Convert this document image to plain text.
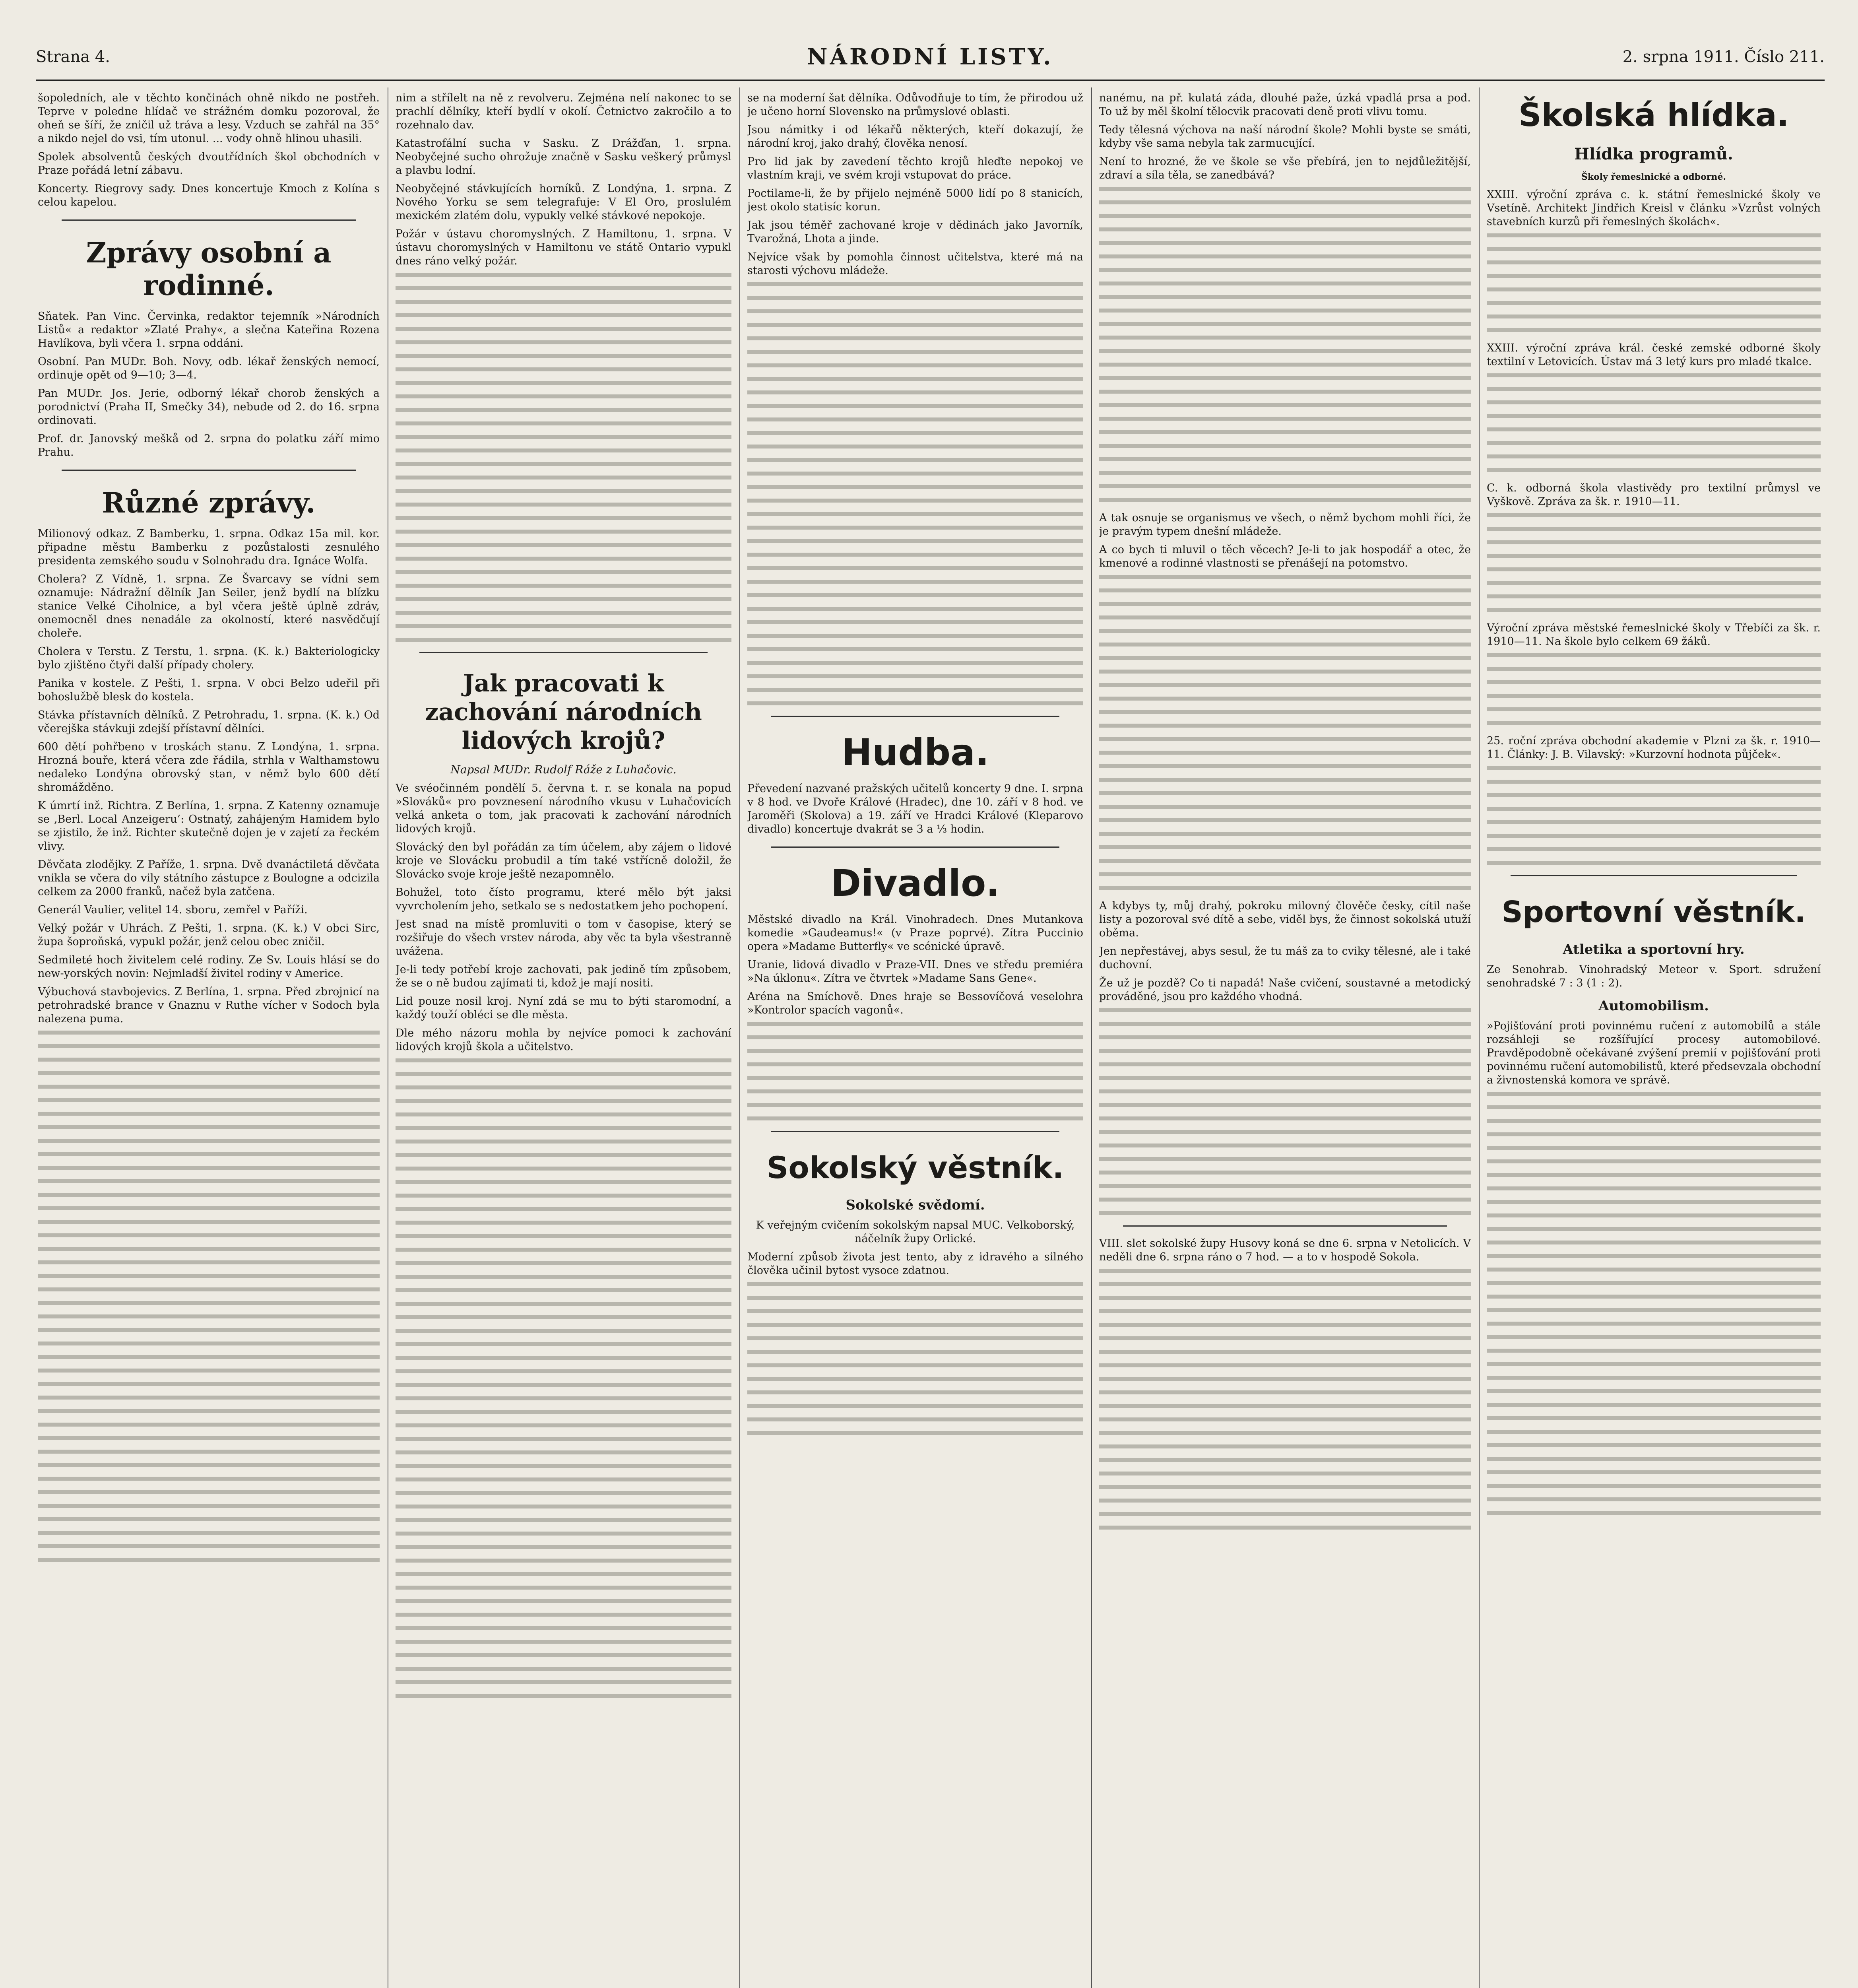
Strana 4.	NÁRODNÍ LISTY.	2. srpna 1911. Číslo 211.

šopoledních, ale v těchto končinách ohně nikdo ne postřeh. Teprve v poledne hlídač ve strážném domku pozoroval, že oheň se šíří, že zničil už tráva a lesy. Vzduch se zahřál na 35° a nikdo nejel do vsi, tím utonul. ... vody ohně hlinou uhasili.

Spolek absolventů českých dvoutřídních škol obchodních v Praze pořádá letní zábavu.

Koncerty. Riegrovy sady. Dnes koncertuje Kmoch z Kolína s celou kapelou.

Zprávy osobní a rodinné.

Sňatek. Pan Vinc. Červinka, redaktor tejemník »Národních Listů« a redaktor »Zlaté Prahy«, a slečna Kateřina Rozena Havlíkova, byli včera 1. srpna oddáni.

Osobní. Pan MUDr. Boh. Novy, odb. lékař ženských nemocí, ordinuje opět od 9—10; 3—4.

Pan MUDr. Jos. Jerie, odborný lékař chorob ženských a porodnictví (Praha II, Smečky 34), nebude od 2. do 16. srpna ordinovati.

Prof. dr. Janovský meškå od 2. srpna do polatku září mimo Prahu.

Různé zprávy.

Milionový odkaz. Z Bamberku, 1. srpna. Odkaz 15a mil. kor. připadne městu Bamberku z pozůstalosti zesnulého presidenta zemského soudu v Solnohradu dra. Ignáce Wolfa.

Cholera? Z Vídně, 1. srpna. Ze Švarcavy se vídni sem oznamuje: Nádražní dělník Jan Seiler, jenž bydlí na blízku stanice Velké Ciholnice, a byl včera ještě úplně zdráv, onemocněl dnes nenadále za okolností, které nasvědčují choleře.

Cholera v Terstu. Z Terstu, 1. srpna. (K. k.) Bakteriologicky bylo zjištěno čtyři další případy cholery.

Panika v kostele. Z Pešti, 1. srpna. V obci Belzo udeřil při bohoslužbě blesk do kostela.

Stávka přístavních dělníků. Z Petrohradu, 1. srpna. (K. k.) Od včerejška stávkuji zdejší přístavní dělníci.

600 dětí pohřbeno v troskách stanu. Z Londýna, 1. srpna. Hrozná bouře, která včera zde řádila, strhla v Walthamstowu nedaleko Londýna obrovský stan, v němž bylo 600 dětí shromážděno.

K úmrtí inž. Richtra. Z Berlína, 1. srpna. Z Katenny oznamuje se ‚Berl. Local Anzeigeru‘: Ostnatý, zahájeným Hamidem bylo se zjistilo, že inž. Richter skutečně dojen je v zajetí za řeckém vlivy.

Děvčata zlodějky. Z Paříže, 1. srpna. Dvě dvanáctiletá děvčata vnikla se včera do vily státního zástupce z Boulogne a odcizila celkem za 2000 franků, načež byla zatčena.

Generál Vaulier, velitel 14. sboru, zemřel v Paříži.

Velký požár v Uhrách. Z Pešti, 1. srpna. (K. k.) V obci Sirc, župa šoproňská, vypukl požár, jenž celou obec zničil.

Sedmileté hoch živitelem celé rodiny. Ze Sv. Louis hlásí se do new-yorských novin: Nejmladší živitel rodiny v Americe.

Výbuchová stavbojevics. Z Berlína, 1. srpna. Před zbrojnicí na petrohradské brance v Gnaznu v Ruthe vícher v Sodoch byla nalezena puma.

nim a střílelt na ně z revolveru. Zejména nelí nakonec to se prachlí dělníky, kteří bydlí v okolí. Četnictvo zakročilo a to rozehnalo dav.

Katastrofální sucha v Sasku. Z Drážďan, 1. srpna. Neobyčejné sucho ohrožuje značně v Sasku veškerý průmysl a plavbu lodní.

Neobyčejné stávkujících horníků. Z Londýna, 1. srpna. Z Nového Yorku se sem telegrafuje: V El Oro, proslulém mexickém zlatém dolu, vypukly velké stávkové nepokoje.

Požár v ústavu choromyslných. Z Hamiltonu, 1. srpna. V ústavu choromyslných v Hamiltonu ve státě Ontario vypukl dnes ráno velký požár.

Jak pracovati k zachování národních lidových krojů?
Napsal MUDr. Rudolf Ráže z Luhačovic.

Ve svéočinném pondělí 5. června t. r. se konala na popud »Slováků« pro povznesení národního vkusu v Luhačovicích velká anketa o tom, jak pracovati k zachování národních lidových krojů.

Slovácký den byl pořádán za tím účelem, aby zájem o lidové kroje ve Slovácku probudil a tím také vstřícně doložil, že Slovácko svoje kroje ještě nezapomnělo.

Bohužel, toto čísto programu, které mělo být jaksi vyvrcholením jeho, setkalo se s nedostatkem jeho pochopení.

Jest snad na místě promluviti o tom v časopise, který se rozšiřuje do všech vrstev národa, aby věc ta byla všestranně uvážena.

Je-li tedy potřebí kroje zachovati, pak jedině tím způsobem, že se o ně budou zajímati ti, kdož je mají nositi.

Lid pouze nosil kroj. Nyní zdá se mu to býti staromodní, a každý touží obléci se dle města.

Dle mého názoru mohla by nejvíce pomoci k zachování lidových krojů škola a učitelstvo.

se na moderní šat dělníka. Odůvodňuje to tím, že přirodou už je učeno horní Slovensko na průmyslové oblasti.

Jsou námitky i od lékařů některých, kteří dokazují, že národní kroj, jako drahý, člověka nenosí.

Pro lid jak by zavedení těchto krojů hleďte nepokoj ve vlastním kraji, ve svém kroji vstupovat do práce.

Poctilame-li, že by přijelo nejméně 5000 lidí po 8 stanicích, jest okolo statisíc korun.

Jak jsou téměř zachované kroje v dědinách jako Javorník, Tvarožná, Lhota a jinde.

Nejvíce však by pomohla činnost učitelstva, které má na starosti výchovu mládeže.

Hudba.

Převedení nazvané pražských učitelů koncerty 9 dne. I. srpna v 8 hod. ve Dvoře Králové (Hradec), dne 10. září v 8 hod. ve Jaroměři (Skolova) a 19. září ve Hradci Králové (Kleparovo divadlo) koncertuje dvakrát se 3 a ⅓ hodin.

Divadlo.

Městské divadlo na Král. Vinohradech. Dnes Mutankova komedie »Gaudeamus!« (v Praze poprvé). Zítra Puccinio opera »Madame Butterfly« ve scénické úpravě.

Uranie, lidová divadlo v Praze-VII. Dnes ve středu premiéra »Na úklonu«. Zítra ve čtvrtek »Madame Sans Gene«.

Aréna na Smíchově. Dnes hraje se Bessovíčová veselohra »Kontrolor spacích vagonů«.

Sokolský věstník.
Sokolské svědomí.

K veřejným cvičením sokolským napsal MUC. Velkoborský, náčelník župy Orlické.

Moderní způsob života jest tento, aby z idravého a silného člověka učinil bytost vysoce zdatnou.

nanému, na př. kulatá záda, dlouhé paže, úzká vpadlá prsa a pod. To už by měl školní tělocvik pracovati deně proti vlivu tomu.

Tedy tělesná výchova na naší národní škole? Mohli byste se smáti, kdyby vše sama nebyla tak zarmucující.

Není to hrozné, že ve škole se vše přebírá, jen to nejdůležitější, zdraví a síla těla, se zanedbává?

A tak osnuje se organismus ve všech, o němž bychom mohli říci, že je pravým typem dnešní mládeže.

A co bych ti mluvil o těch věcech? Je-li to jak hospodář a otec, že kmenové a rodinné vlastnosti se přenášejí na potomstvo.

A kdybys ty, můj drahý, pokroku milovný člověče česky, cítil naše listy a pozoroval své dítě a sebe, viděl bys, že činnost sokolská utuží oběma.

Jen nepřestávej, abys sesul, že tu máš za to cviky tělesné, ale i také duchovní.

Že už je pozdě? Co ti napadá! Naše cvičení, soustavné a metodický prováděné, jsou pro každého vhodná.

VIII. slet sokolské župy Husovy koná se dne 6. srpna v Netolicích. V neděli dne 6. srpna ráno o 7 hod. — a to v hospodě Sokola.

Školská hlídka.
Hlídka programů.
Školy řemeslnické a odborné.

XXIII. výroční zpráva c. k. státní řemeslnické školy ve Vsetíně. Architekt Jindřich Kreisl v článku »Vzrůst volných stavebních kurzů při řemeslných školách«.

XXIII. výroční zpráva král. české zemské odborné školy textilní v Letovicích. Ústav má 3 letý kurs pro mladé tkalce.

C. k. odborná škola vlastivědy pro textilní průmysl ve Vyškově. Zpráva za šk. r. 1910—11.

Výroční zpráva městské řemeslnické školy v Třebíči za šk. r. 1910—11. Na škole bylo celkem 69 žáků.

25. roční zpráva obchodní akademie v Plzni za šk. r. 1910—11. Články: J. B. Vilavský: »Kurzovní hodnota půjček«.

Sportovní věstník.
Atletika a sportovní hry.

Ze Senohrab. Vinohradský Meteor v. Sport. sdružení senohradské 7 : 3 (1 : 2).

Automobilism.

»Pojišťování proti povinnému ručení z automobilů a stále rozsáhleji se rozšířující procesy automobilové. Pravděpodobně očekávané zvýšení premií v pojišťování proti povinnému ručení automobilistů, které předsevzala obchodní a živnostenská komora ve správě.
